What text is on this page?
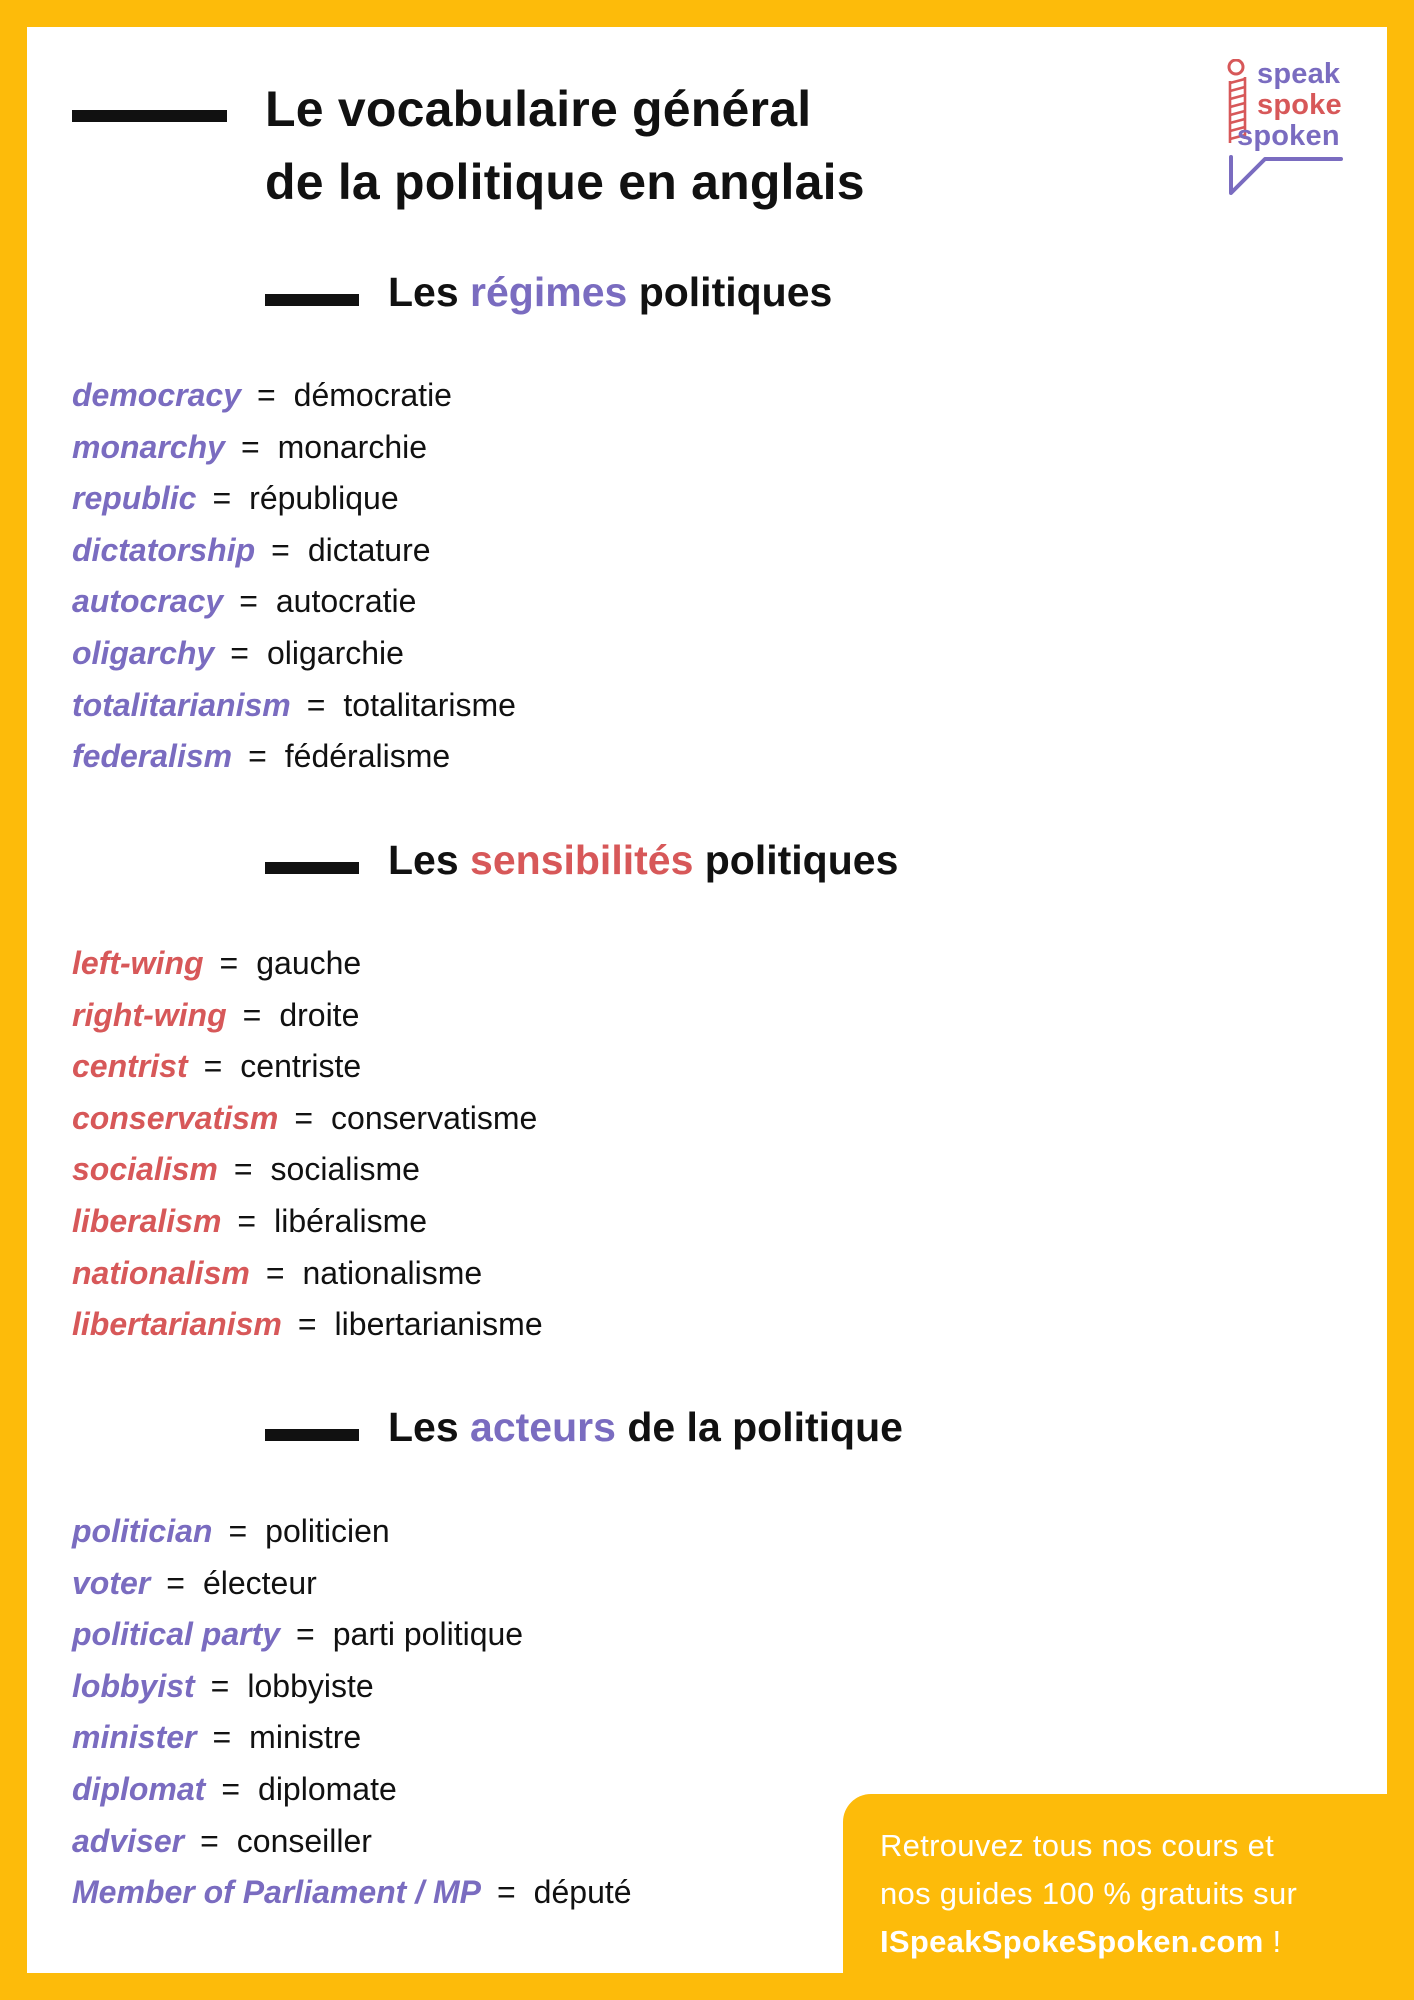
Le vocabulaire général
de la politique en anglais
speak
spoke
spoken
Les régimes politiques
democracy = démocratie
monarchy = monarchie
republic = république
dictatorship = dictature
autocracy = autocratie
oligarchy = oligarchie
totalitarianism = totalitarisme
federalism = fédéralisme
Les sensibilités politiques
left-wing = gauche
right-wing = droite
centrist = centriste
conservatism = conservatisme
socialism = socialisme
liberalism = libéralisme
nationalism = nationalisme
libertarianism = libertarianisme
Les acteurs de la politique
politician = politicien
voter = électeur
political party = parti politique
lobbyist = lobbyiste
minister = ministre
diplomat = diplomate
adviser = conseiller
Member of Parliament / MP = député
Retrouvez tous nos cours et
nos guides 100 % gratuits sur
ISpeakSpokeSpoken.com !
